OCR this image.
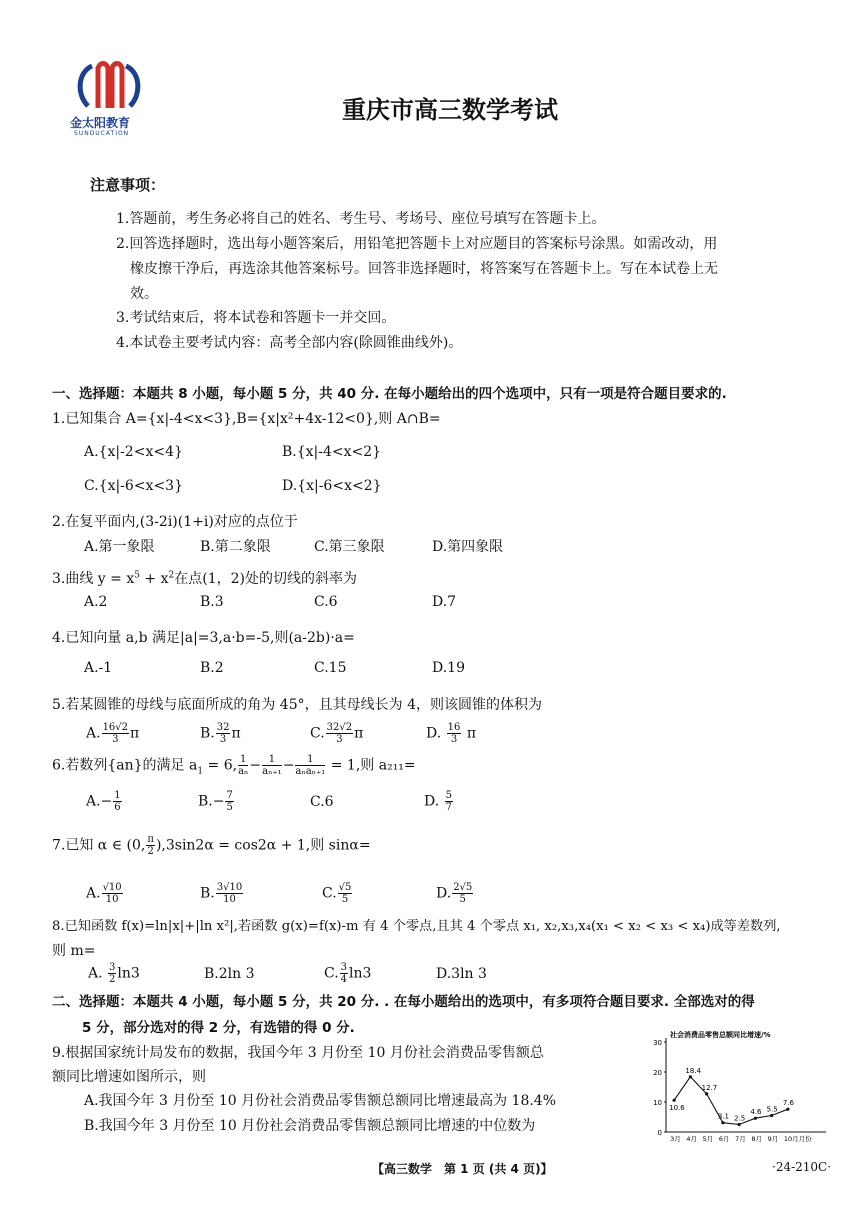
金太阳教育
SUNDUCATION
重庆市高三数学考试
注意事项：
1.答题前，考生务必将自己的姓名、考生号、考场号、座位号填写在答题卡上。
2.回答选择题时，选出每小题答案后，用铅笔把答题卡上对应题目的答案标号涂黑。如需改动，用
橡皮擦干净后，再选涂其他答案标号。回答非选择题时，将答案写在答题卡上。写在本试卷上无
效。
3.考试结束后，将本试卷和答题卡一并交回。
4.本试卷主要考试内容：高考全部内容(除圆锥曲线外)。
一、选择题：本题共 8 小题，每小题 5 分，共 40 分. 在每小题给出的四个选项中，只有一项是符合题目要求的.
1.已知集合 A={x|-4<x<3},B={x|x²+4x-12<0},则 A∩B=
A.{x|-2<x<4}	B.{x|-4<x<2}
C.{x|-6<x<3}	D.{x|-6<x<2}
2.在复平面内,(3-2i)(1+i)对应的点位于
A.第一象限	B.第二象限	C.第三象限	D.第四象限
3.曲线 $y = x^5 + x^2$在点(1，2)处的切线的斜率为
A.2	B.3	C.6	D.7
4.已知向量 a,b 满足|a|=3,a·b=-5,则(a-2b)·a=
A.-1	B.2	C.15	D.19
5.若某圆锥的母线与底面所成的角为 45°，且其母线长为 4，则该圆锥的体积为
A. $\frac{16√2}{3}$ π	B. $\frac{32}{3}$ π	C. $\frac{32√2}{3}$ π	D. $\frac{16}{3}$ π
6.若数列{an}的满足 $a_1 = 6$, $\frac{1}{\text{aₙ}} - \frac{1}{\text{aₙ₊₁}} - \frac{1}{\text{aₙaₙ₊₁}} = 1$,则 a₂₁₁=
$A.- \frac{1}{6}$	$B.- \frac{7}{5}$	C.6	D. $\frac{5}{7}$
7.已知 α ∈ (0, $\frac{\pi}{2} ),3\sin 2\alpha = \cos 2\alpha + 1$,则 sinα=
A. $\frac{√10}{10}$	B. $\frac{3√10}{10}$	C. $\frac{√5}{5}$	D. $\frac{2√5}{5}$
8.已知函数 f(x)=ln|x|+|ln x²|,若函数 g(x)=f(x)-m 有 4 个零点,且其 4 个零点 x₁, x₂,x₃,x₄(x₁ < x₂ < x₃ < x₄)成等差数列,
则 m=
A. $\frac{3}{2} \ln 3$	B.2ln 3	C. $\frac{3}{4} \ln 3$	D.3ln 3
二、选择题：本题共 4 小题，每小题 5 分，共 20 分. . 在每小题给出的选项中，有多项符合题目要求. 全部选对的得
5 分，部分选对的得 2 分，有选错的得 0 分.
9.根据国家统计局发布的数据，我国今年 3 月份至 10 月份社会消费品零售额总
额同比增速如图所示，则
A.我国今年 3 月份至 10 月份社会消费品零售额总额同比增速最高为 18.4%
B.我国今年 3 月份至 10 月份社会消费品零售额总额同比增速的中位数为
社会消费品零售总额同比增速/%
0
10
20
30
3月 4月 5月 6月 7月 8月 9月 10月月份
10.6
18.4
12.7
3.1 2.5
4.6 5.5
7.6
【高三数学　第 1 页 (共 4 页)】	·24-210C·
